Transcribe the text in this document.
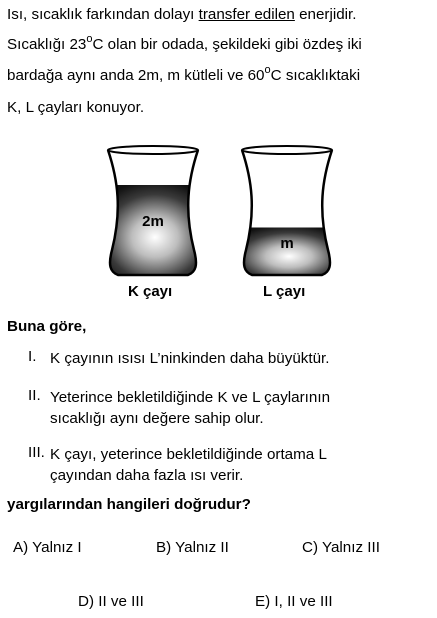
Isı, sıcaklık farkından dolayı transfer edilen enerjidir.

Sıcaklığı 23$^o$C olan bir odada, şekildeki gibi özdeş iki

bardağa aynı anda 2m, m kütleli ve 60$^o$C sıcaklıktaki

K, L çayları konuyor.

2m
m
K çayı	L çayı
Buna göre,
I. K çayının ısısı L’ninkinden daha büyüktür.
II. Yeterince bekletildiğinde K ve L çaylarının
sıcaklığı aynı değere sahip olur.
III. K çayı, yeterince bekletildiğinde ortama L
çayından daha fazla ısı verir.
yargılarından hangileri doğrudur?
A) Yalnız I	B) Yalnız II	C) Yalnız III
D) II ve III	E) I, II ve III
